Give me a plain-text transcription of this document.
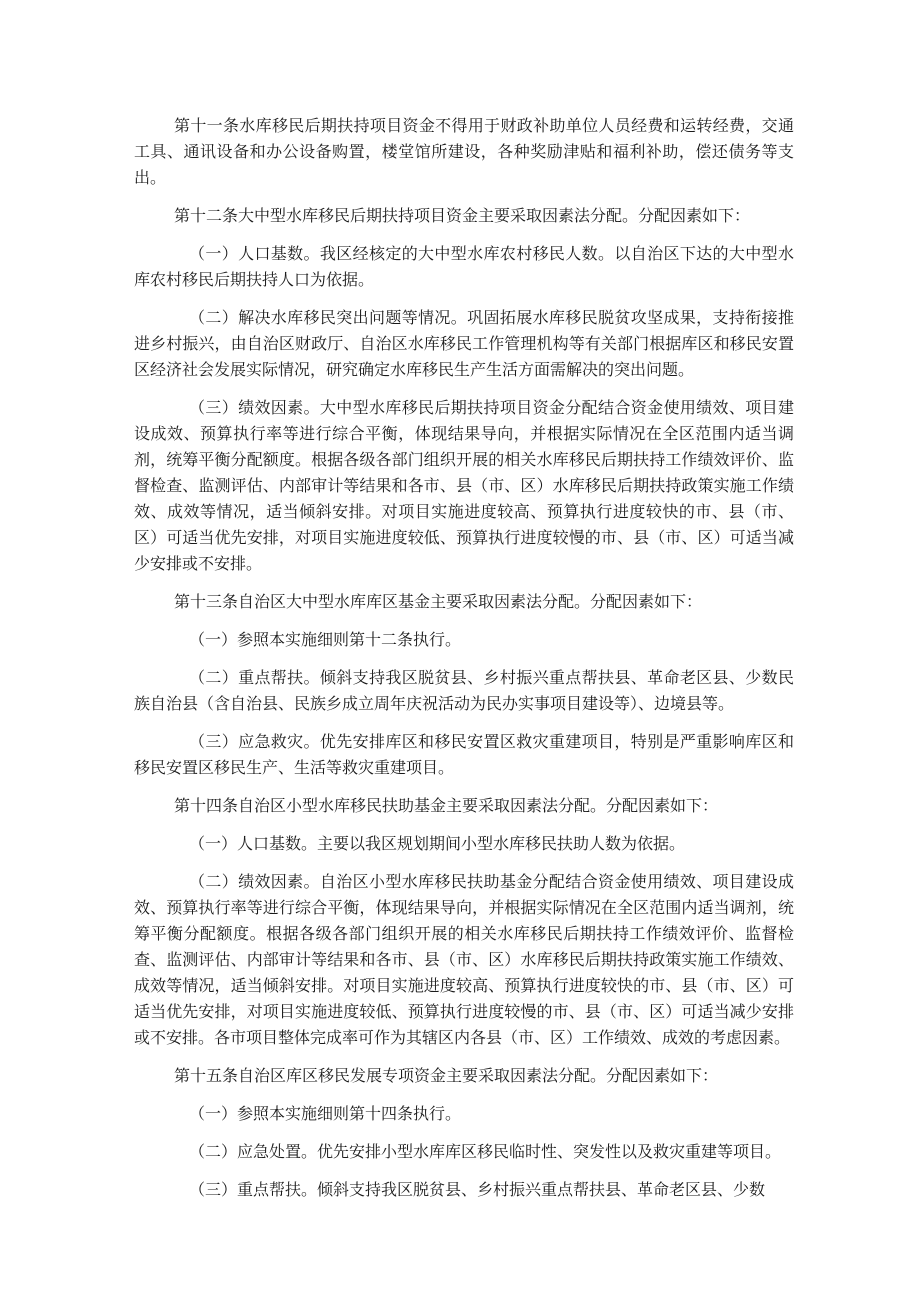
第十一条水库移民后期扶持项目资金不得用于财政补助单位人员经费和运转经费，交通工具、通讯设备和办公设备购置，楼堂馆所建设，各种奖励津贴和福利补助，偿还债务等支出。

第十二条大中型水库移民后期扶持项目资金主要采取因素法分配。分配因素如下：

（一）人口基数。我区经核定的大中型水库农村移民人数。以自治区下达的大中型水库农村移民后期扶持人口为依据。

（二）解决水库移民突出问题等情况。巩固拓展水库移民脱贫攻坚成果，支持衔接推进乡村振兴，由自治区财政厅、自治区水库移民工作管理机构等有关部门根据库区和移民安置区经济社会发展实际情况，研究确定水库移民生产生活方面需解决的突出问题。

（三）绩效因素。大中型水库移民后期扶持项目资金分配结合资金使用绩效、项目建设成效、预算执行率等进行综合平衡，体现结果导向，并根据实际情况在全区范围内适当调剂，统筹平衡分配额度。根据各级各部门组织开展的相关水库移民后期扶持工作绩效评价、监督检查、监测评估、内部审计等结果和各市、县（市、区）水库移民后期扶持政策实施工作绩效、成效等情况，适当倾斜安排。对项目实施进度较高、预算执行进度较快的市、县（市、区）可适当优先安排，对项目实施进度较低、预算执行进度较慢的市、县（市、区）可适当减少安排或不安排。

第十三条自治区大中型水库库区基金主要采取因素法分配。分配因素如下：

（一）参照本实施细则第十二条执行。

（二）重点帮扶。倾斜支持我区脱贫县、乡村振兴重点帮扶县、革命老区县、少数民族自治县（含自治县、民族乡成立周年庆祝活动为民办实事项目建设等）、边境县等。

（三）应急救灾。优先安排库区和移民安置区救灾重建项目，特别是严重影响库区和移民安置区移民生产、生活等救灾重建项目。

第十四条自治区小型水库移民扶助基金主要采取因素法分配。分配因素如下：

（一）人口基数。主要以我区规划期间小型水库移民扶助人数为依据。

（二）绩效因素。自治区小型水库移民扶助基金分配结合资金使用绩效、项目建设成效、预算执行率等进行综合平衡，体现结果导向，并根据实际情况在全区范围内适当调剂，统筹平衡分配额度。根据各级各部门组织开展的相关水库移民后期扶持工作绩效评价、监督检查、监测评估、内部审计等结果和各市、县（市、区）水库移民后期扶持政策实施工作绩效、成效等情况，适当倾斜安排。对项目实施进度较高、预算执行进度较快的市、县（市、区）可适当优先安排，对项目实施进度较低、预算执行进度较慢的市、县（市、区）可适当减少安排或不安排。各市项目整体完成率可作为其辖区内各县（市、区）工作绩效、成效的考虑因素。

第十五条自治区库区移民发展专项资金主要采取因素法分配。分配因素如下：

（一）参照本实施细则第十四条执行。

（二）应急处置。优先安排小型水库库区移民临时性、突发性以及救灾重建等项目。

（三）重点帮扶。倾斜支持我区脱贫县、乡村振兴重点帮扶县、革命老区县、少数
